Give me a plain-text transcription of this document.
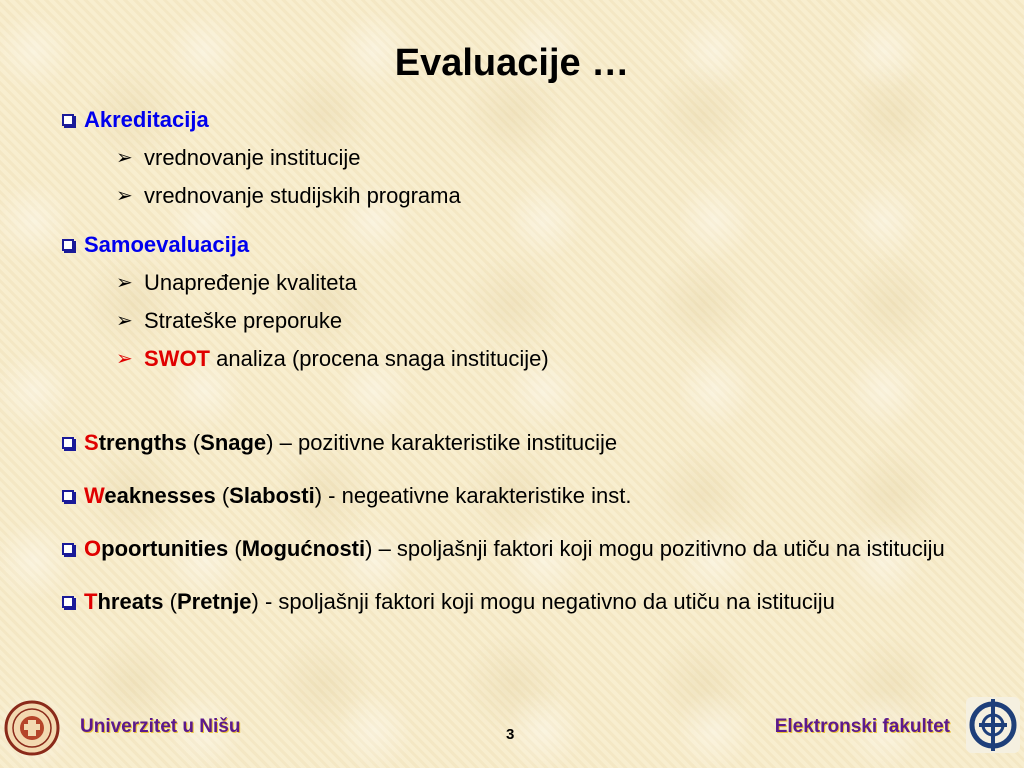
Evaluacije …
Akreditacija
➢ vrednovanje institucije
➢ vrednovanje studijskih programa
Samoevaluacija
➢ Unapređenje kvaliteta
➢ Strateške preporuke
➢ SWOT analiza (procena snaga institucije)
Strengths (Snage) – pozitivne karakteristike institucije
Weaknesses (Slabosti) - negeativne karakteristike inst.
Opoortunities (Mogućnosti) – spoljašnji faktori koji mogu pozitivno da utiču na istituciju
Threats (Pretnje) - spoljašnji faktori koji mogu negativno da utiču na istituciju
Univerzitet u Nišu	3	Elektronski fakultet
